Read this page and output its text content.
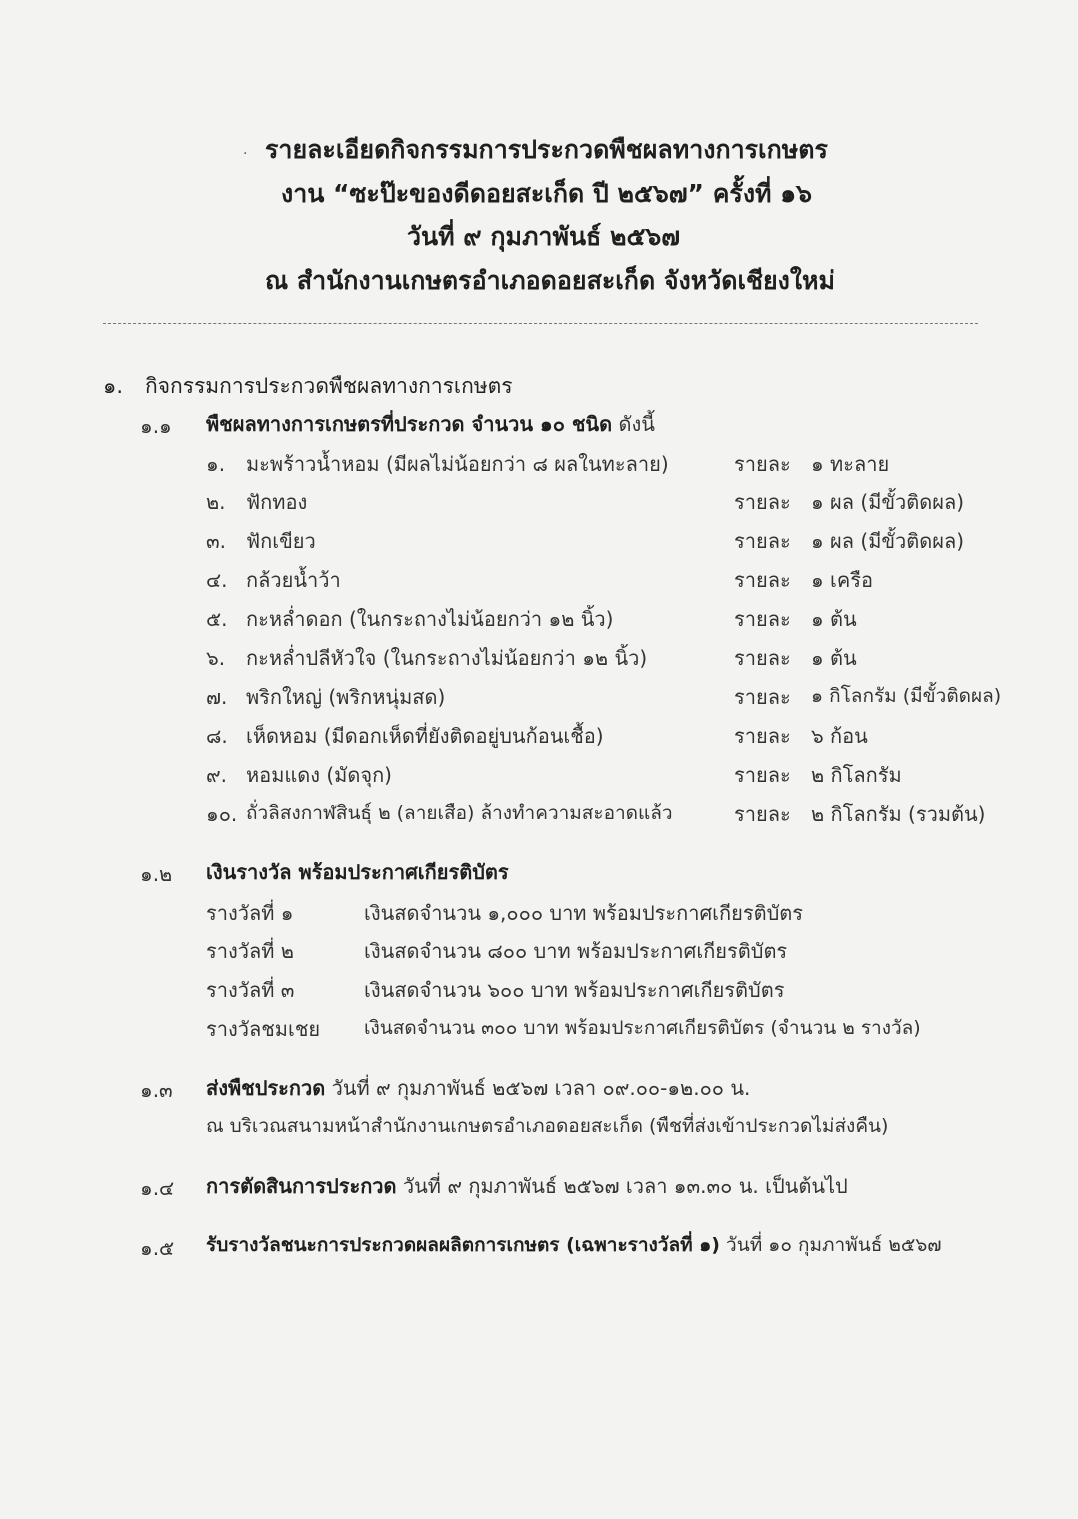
· รายละเอียดกิจกรรมการประกวดพืชผลทางการเกษตร
งาน “ซะป๊ะของดีดอยสะเก็ด ปี ๒๕๖๗” ครั้งที่ ๑๖
วันที่ ๙ กุมภาพันธ์ ๒๕๖๗
ณ สำนักงานเกษตรอำเภอดอยสะเก็ด จังหวัดเชียงใหม่
๑. กิจกรรมการประกวดพืชผลทางการเกษตร
๑.๑ พืชผลทางการเกษตรที่ประกวด จำนวน ๑๐ ชนิด ดังนี้
๑. มะพร้าวน้ำหอม (มีผลไม่น้อยกว่า ๘ ผลในทะลาย)	รายละ ๑ ทะลาย
๒. ฟักทอง	รายละ ๑ ผล (มีขั้วติดผล)
๓. ฟักเขียว	รายละ ๑ ผล (มีขั้วติดผล)
๔. กล้วยน้ำว้า	รายละ ๑ เครือ
๕. กะหล่ำดอก (ในกระถางไม่น้อยกว่า ๑๒ นิ้ว)	รายละ ๑ ต้น
๖. กะหล่ำปลีหัวใจ (ในกระถางไม่น้อยกว่า ๑๒ นิ้ว)	รายละ ๑ ต้น
๗. พริกใหญ่ (พริกหนุ่มสด)	รายละ ๑ กิโลกรัม (มีขั้วติดผล)
๘. เห็ดหอม (มีดอกเห็ดที่ยังติดอยู่บนก้อนเชื้อ)	รายละ ๖ ก้อน
๙. หอมแดง (มัดจุก)	รายละ ๒ กิโลกรัม
๑๐. ถั่วลิสงกาฬสินธุ์ ๒ (ลายเสือ) ล้างทำความสะอาดแล้ว	รายละ ๒ กิโลกรัม (รวมต้น)
๑.๒ เงินรางวัล พร้อมประกาศเกียรติบัตร
รางวัลที่ ๑	เงินสดจำนวน ๑,๐๐๐ บาท พร้อมประกาศเกียรติบัตร
รางวัลที่ ๒	เงินสดจำนวน ๘๐๐ บาท พร้อมประกาศเกียรติบัตร
รางวัลที่ ๓	เงินสดจำนวน ๖๐๐ บาท พร้อมประกาศเกียรติบัตร
รางวัลชมเชย เงินสดจำนวน ๓๐๐ บาท พร้อมประกาศเกียรติบัตร (จำนวน ๒ รางวัล)
๑.๓ ส่งพืชประกวด วันที่ ๙ กุมภาพันธ์ ๒๕๖๗ เวลา ๐๙.๐๐-๑๒.๐๐ น.
ณ บริเวณสนามหน้าสำนักงานเกษตรอำเภอดอยสะเก็ด (พืชที่ส่งเข้าประกวดไม่ส่งคืน)
๑.๔ การตัดสินการประกวด วันที่ ๙ กุมภาพันธ์ ๒๕๖๗ เวลา ๑๓.๓๐ น. เป็นต้นไป
๑.๕ รับรางวัลชนะการประกวดผลผลิตการเกษตร (เฉพาะรางวัลที่ ๑) วันที่ ๑๐ กุมภาพันธ์ ๒๕๖๗
